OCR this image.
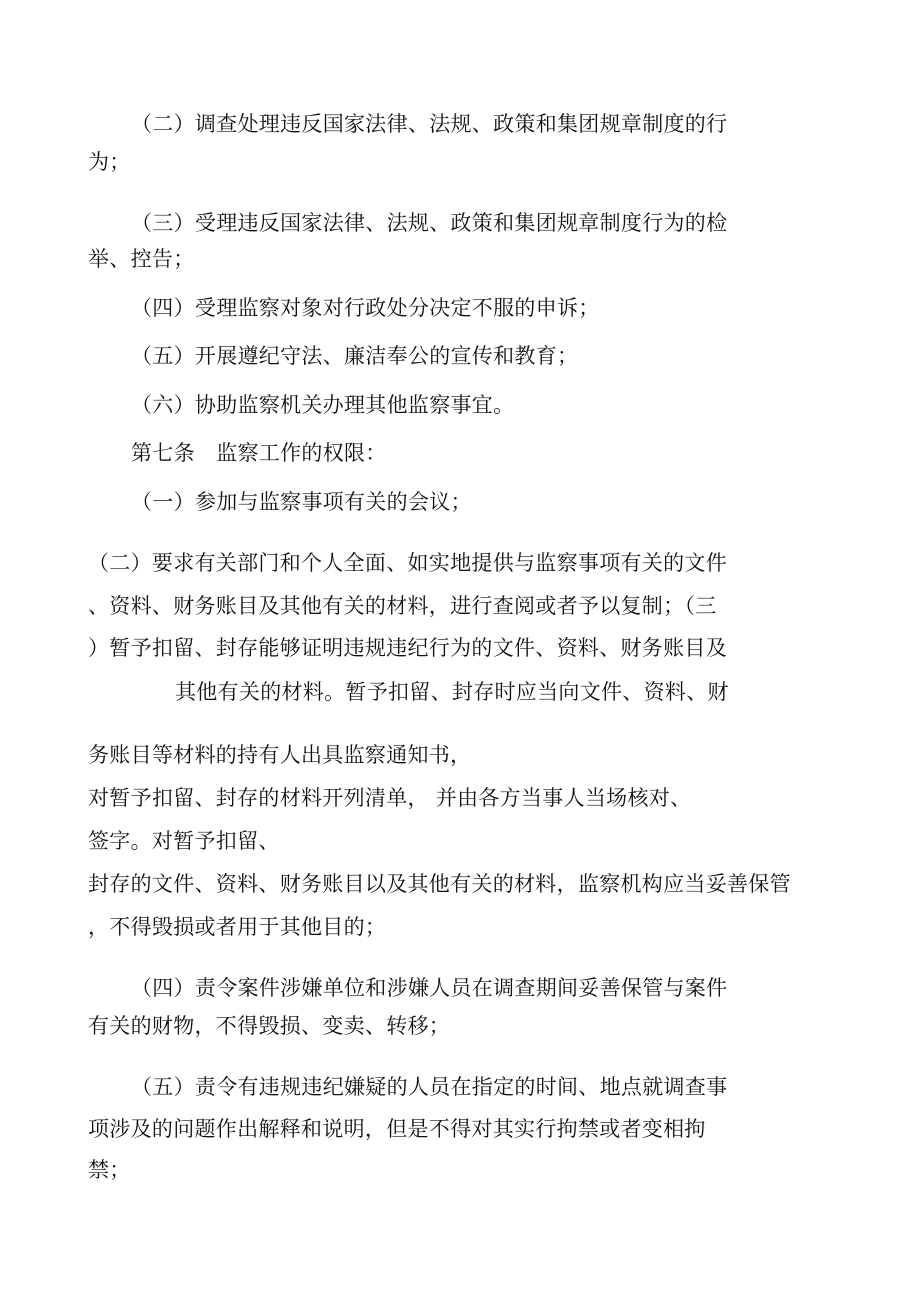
（二）调查处理违反国家法律、法规、政策和集团规章制度的行
为；
（三）受理违反国家法律、法规、政策和集团规章制度行为的检
举、控告；
（四）受理监察对象对行政处分决定不服的申诉；
（五）开展遵纪守法、廉洁奉公的宣传和教育；
（六）协助监察机关办理其他监察事宜。
第七条　监察工作的权限：
（一）参加与监察事项有关的会议；
（二）要求有关部门和个人全面、如实地提供与监察事项有关的文件
、资料、财务账目及其他有关的材料，进行查阅或者予以复制；（三
）暂予扣留、封存能够证明违规违纪行为的文件、资料、财务账目及
其他有关的材料。暂予扣留、封存时应当向文件、资料、财
务账目等材料的持有人出具监察通知书，
对暂予扣留、封存的材料开列清单， 并由各方当事人当场核对、
签字。对暂予扣留、
封存的文件、资料、财务账目以及其他有关的材料，监察机构应当妥善保管
，不得毁损或者用于其他目的；
（四）责令案件涉嫌单位和涉嫌人员在调查期间妥善保管与案件
有关的财物，不得毁损、变卖、转移；
（五）责令有违规违纪嫌疑的人员在指定的时间、地点就调查事
项涉及的问题作出解释和说明，但是不得对其实行拘禁或者变相拘
禁；
